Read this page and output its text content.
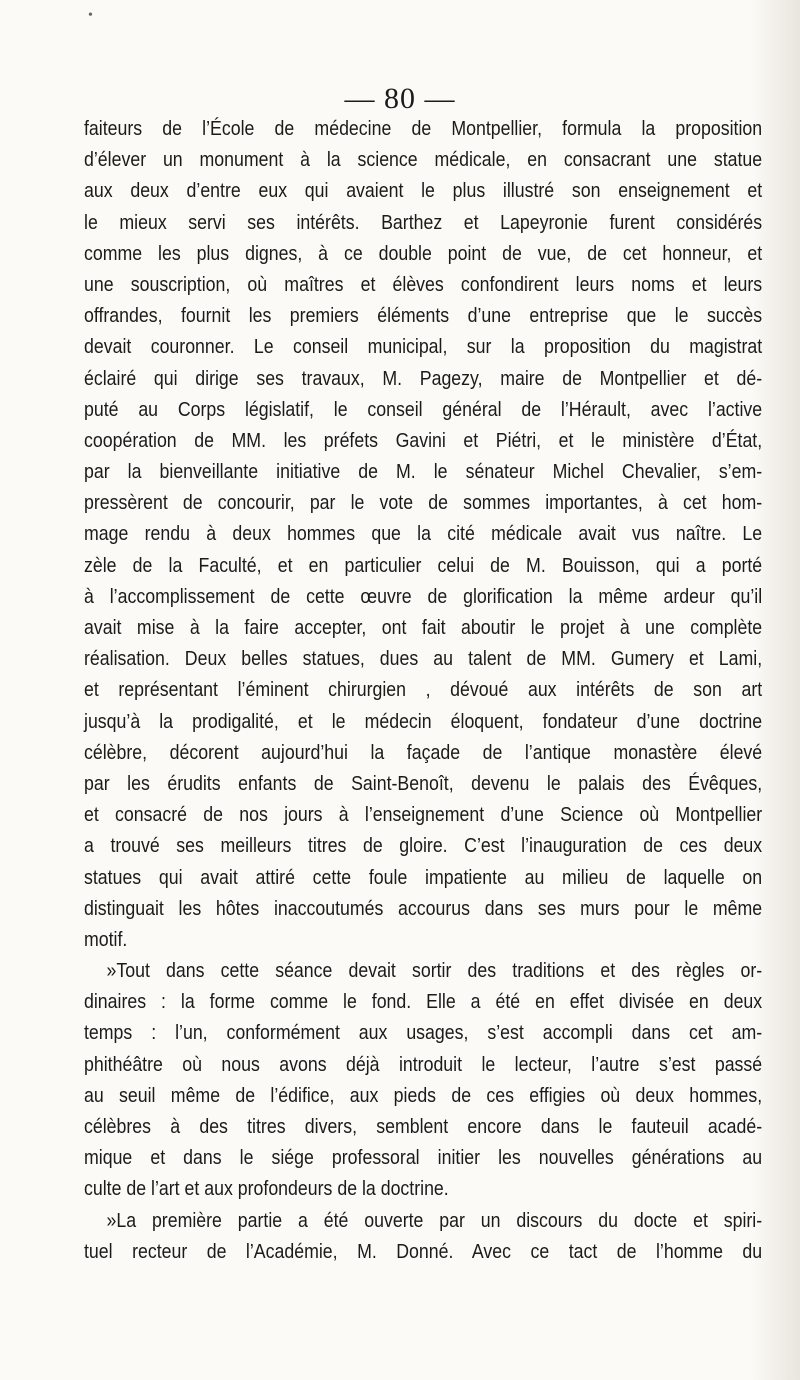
•
— 80 —
faiteurs de l’École de médecine de Montpellier, formula la proposition
d’élever un monument à la science médicale, en consacrant une statue
aux deux d’entre eux qui avaient le plus illustré son enseignement et
le mieux servi ses intérêts. Barthez et Lapeyronie furent considérés
comme les plus dignes, à ce double point de vue, de cet honneur, et
une souscription, où maîtres et élèves confondirent leurs noms et leurs
offrandes, fournit les premiers éléments d’une entreprise que le succès
devait couronner. Le conseil municipal, sur la proposition du magistrat
éclairé qui dirige ses travaux, M. Pagezy, maire de Montpellier et dé-
puté au Corps législatif, le conseil général de l’Hérault, avec l’active
coopération de MM. les préfets Gavini et Piétri, et le ministère d’État,
par la bienveillante initiative de M. le sénateur Michel Chevalier, s’em-
pressèrent de concourir, par le vote de sommes importantes, à cet hom-
mage rendu à deux hommes que la cité médicale avait vus naître. Le
zèle de la Faculté, et en particulier celui de M. Bouisson, qui a porté
à l’accomplissement de cette œuvre de glorification la même ardeur qu’il
avait mise à la faire accepter, ont fait aboutir le projet à une complète
réalisation. Deux belles statues, dues au talent de MM. Gumery et Lami,
et représentant l’éminent chirurgien , dévoué aux intérêts de son art
jusqu’à la prodigalité, et le médecin éloquent, fondateur d’une doctrine
célèbre, décorent aujourd’hui la façade de l’antique monastère élevé
par les érudits enfants de Saint-Benoît, devenu le palais des Évêques,
et consacré de nos jours à l’enseignement d’une Science où Montpellier
a trouvé ses meilleurs titres de gloire. C’est l’inauguration de ces deux
statues qui avait attiré cette foule impatiente au milieu de laquelle on
distinguait les hôtes inaccoutumés accourus dans ses murs pour le même
motif.
»Tout dans cette séance devait sortir des traditions et des règles or-
dinaires : la forme comme le fond. Elle a été en effet divisée en deux
temps : l’un, conformément aux usages, s’est accompli dans cet am-
phithéâtre où nous avons déjà introduit le lecteur, l’autre s’est passé
au seuil même de l’édifice, aux pieds de ces effigies où deux hommes,
célèbres à des titres divers, semblent encore dans le fauteuil acadé-
mique et dans le siége professoral initier les nouvelles générations au
culte de l’art et aux profondeurs de la doctrine.
»La première partie a été ouverte par un discours du docte et spiri-
tuel recteur de l’Académie, M. Donné. Avec ce tact de l’homme du
